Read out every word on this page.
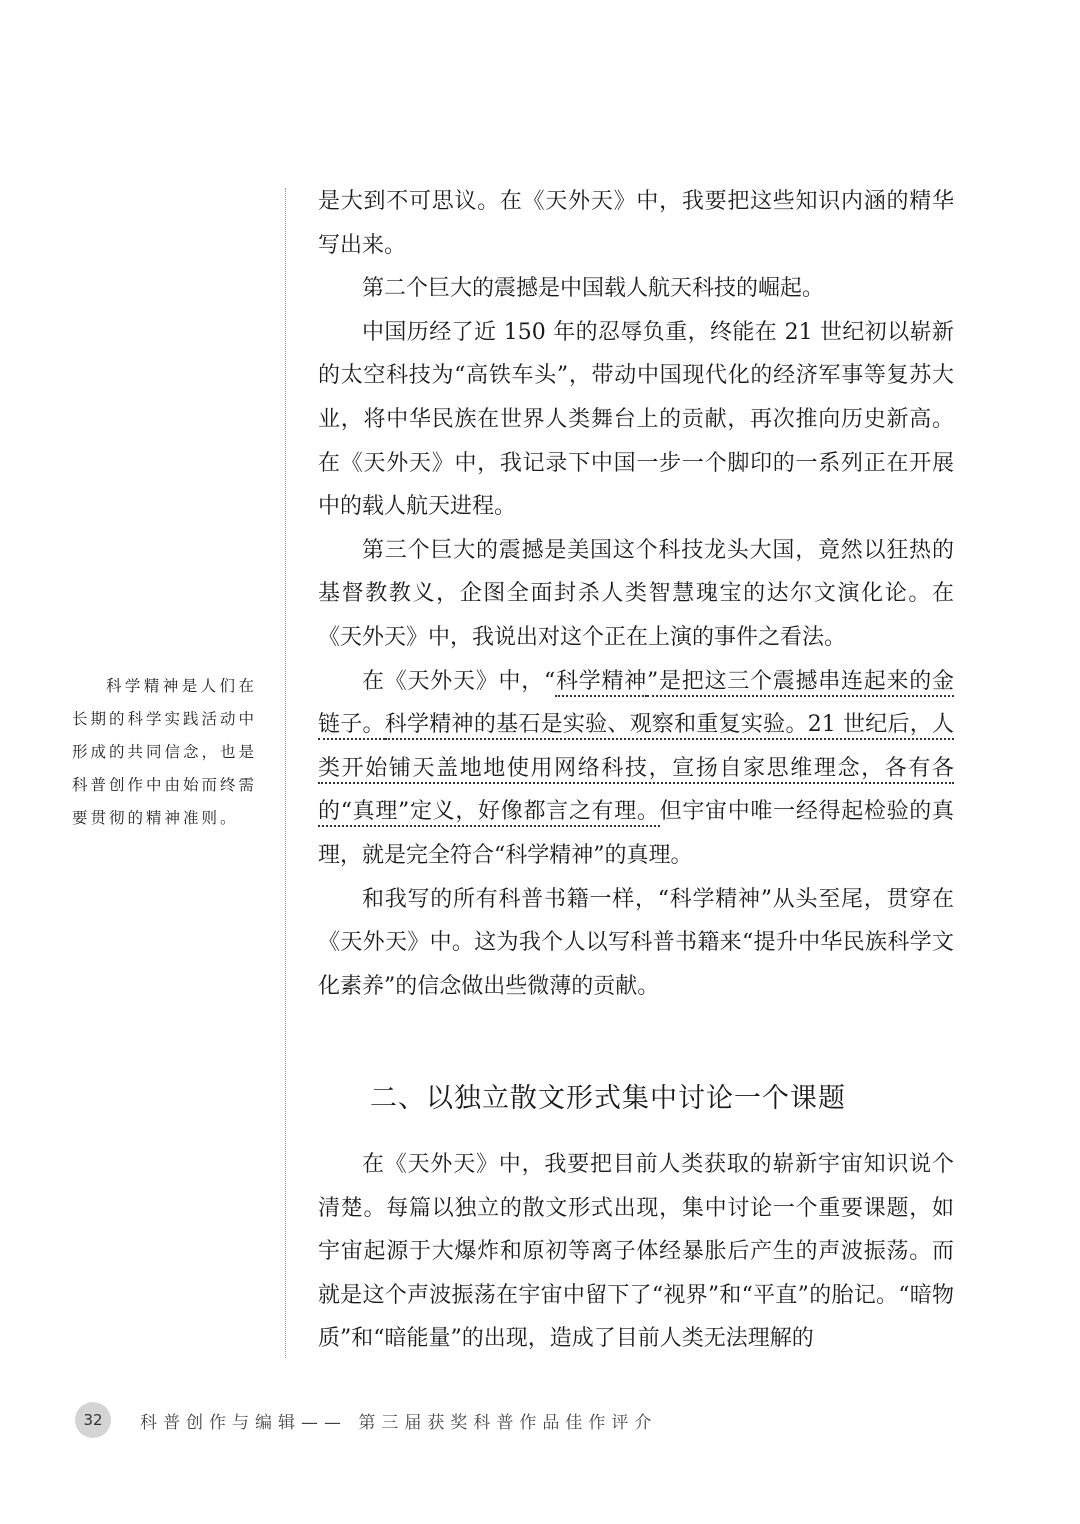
是大到不可思议。在《天外天》中，我要把这些知识内涵的精华写出来。

第二个巨大的震撼是中国载人航天科技的崛起。

中国历经了近 150 年的忍辱负重，终能在 21 世纪初以崭新的太空科技为“高铁车头”，带动中国现代化的经济军事等复苏大业，将中华民族在世界人类舞台上的贡献，再次推向历史新高。在《天外天》中，我记录下中国一步一个脚印的一系列正在开展中的载人航天进程。

第三个巨大的震撼是美国这个科技龙头大国，竟然以狂热的基督教教义，企图全面封杀人类智慧瑰宝的达尔文演化论。在《天外天》中，我说出对这个正在上演的事件之看法。

在《天外天》中，“科学精神”是把这三个震撼串连起来的金链子。科学精神的基石是实验、观察和重复实验。21 世纪后，人类开始铺天盖地地使用网络科技，宣扬自家思维理念，各有各的“真理”定义，好像都言之有理。但宇宙中唯一经得起检验的真理，就是完全符合“科学精神”的真理。

和我写的所有科普书籍一样，“科学精神”从头至尾，贯穿在《天外天》中。这为我个人以写科普书籍来“提升中华民族科学文化素养”的信念做出些微薄的贡献。

二、以独立散文形式集中讨论一个课题

在《天外天》中，我要把目前人类获取的崭新宇宙知识说个清楚。每篇以独立的散文形式出现，集中讨论一个重要课题，如宇宙起源于大爆炸和原初等离子体经暴胀后产生的声波振荡。而就是这个声波振荡在宇宙中留下了“视界”和“平直”的胎记。“暗物质”和“暗能量”的出现，造成了目前人类无法理解的

科学精神是人们在长期的科学实践活动中形成的共同信念，也是科普创作中由始而终需要贯彻的精神准则。
32	科普创作与编辑—— 第三届获奖科普作品佳作评介
